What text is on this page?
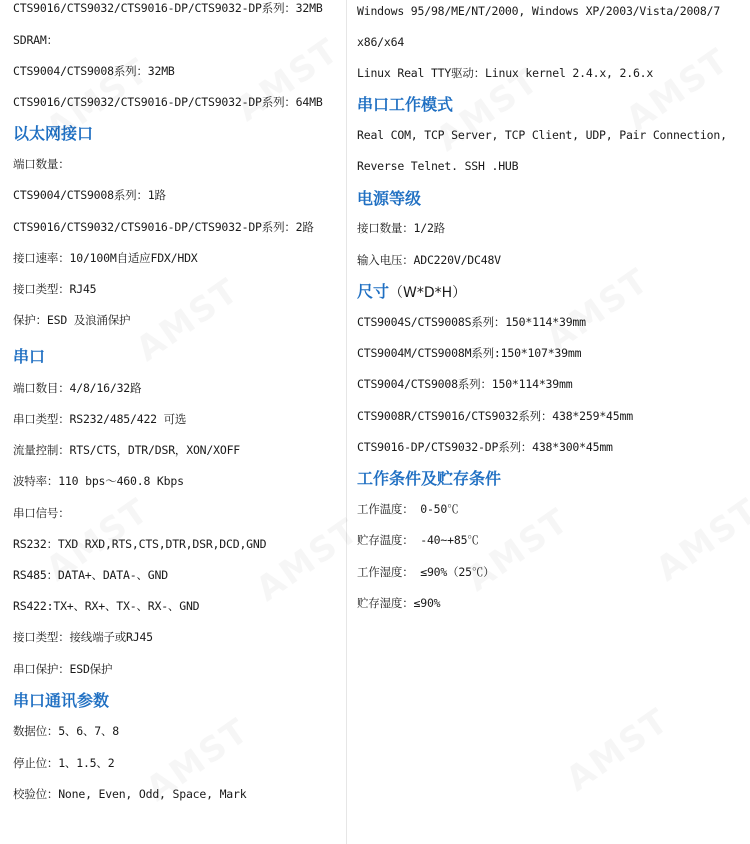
CTS9016/CTS9032/CTS9016-DP/CTS9032-DP系列：32MB
SDRAM：
CTS9004/CTS9008系列：32MB
CTS9016/CTS9032/CTS9016-DP/CTS9032-DP系列：64MB
以太网接口
端口数量：
CTS9004/CTS9008系列：1路
CTS9016/CTS9032/CTS9016-DP/CTS9032-DP系列：2路
接口速率：10/100M自适应FDX/HDX
接口类型：RJ45
保护：ESD 及浪涌保护
串口
端口数目：4/8/16/32路
串口类型：RS232/485/422 可选
流量控制：RTS/CTS，DTR/DSR，XON/XOFF
波特率：110 bps～460.8 Kbps
串口信号：
RS232：TXD RXD,RTS,CTS,DTR,DSR,DCD,GND
RS485：DATA+、DATA-、GND
RS422:TX+、RX+、TX-、RX-、GND
接口类型：接线端子或RJ45
串口保护：ESD保护
串口通讯参数
数据位：5、6、7、8
停止位：1、1.5、2
校验位：None, Even, Odd, Space, Mark
Windows 95/98/ME/NT/2000, Windows XP/2003/Vista/2008/7
x86/x64
Linux Real TTY驱动：Linux kernel 2.4.x, 2.6.x
串口工作模式
Real COM, TCP Server, TCP Client, UDP, Pair Connection,
Reverse Telnet. SSH .HUB
电源等级
接口数量：1/2路
输入电压：ADC220V/DC48V
尺寸（W*D*H）
CTS9004S/CTS9008S系列：150*114*39mm
CTS9004M/CTS9008M系列:150*107*39mm
CTS9004/CTS9008系列：150*114*39mm
CTS9008R/CTS9016/CTS9032系列：438*259*45mm
CTS9016-DP/CTS9032-DP系列：438*300*45mm
工作条件及贮存条件
工作温度： 0-50℃
贮存温度： -40~+85℃
工作湿度： ≤90%（25℃）
贮存湿度：≤90%
